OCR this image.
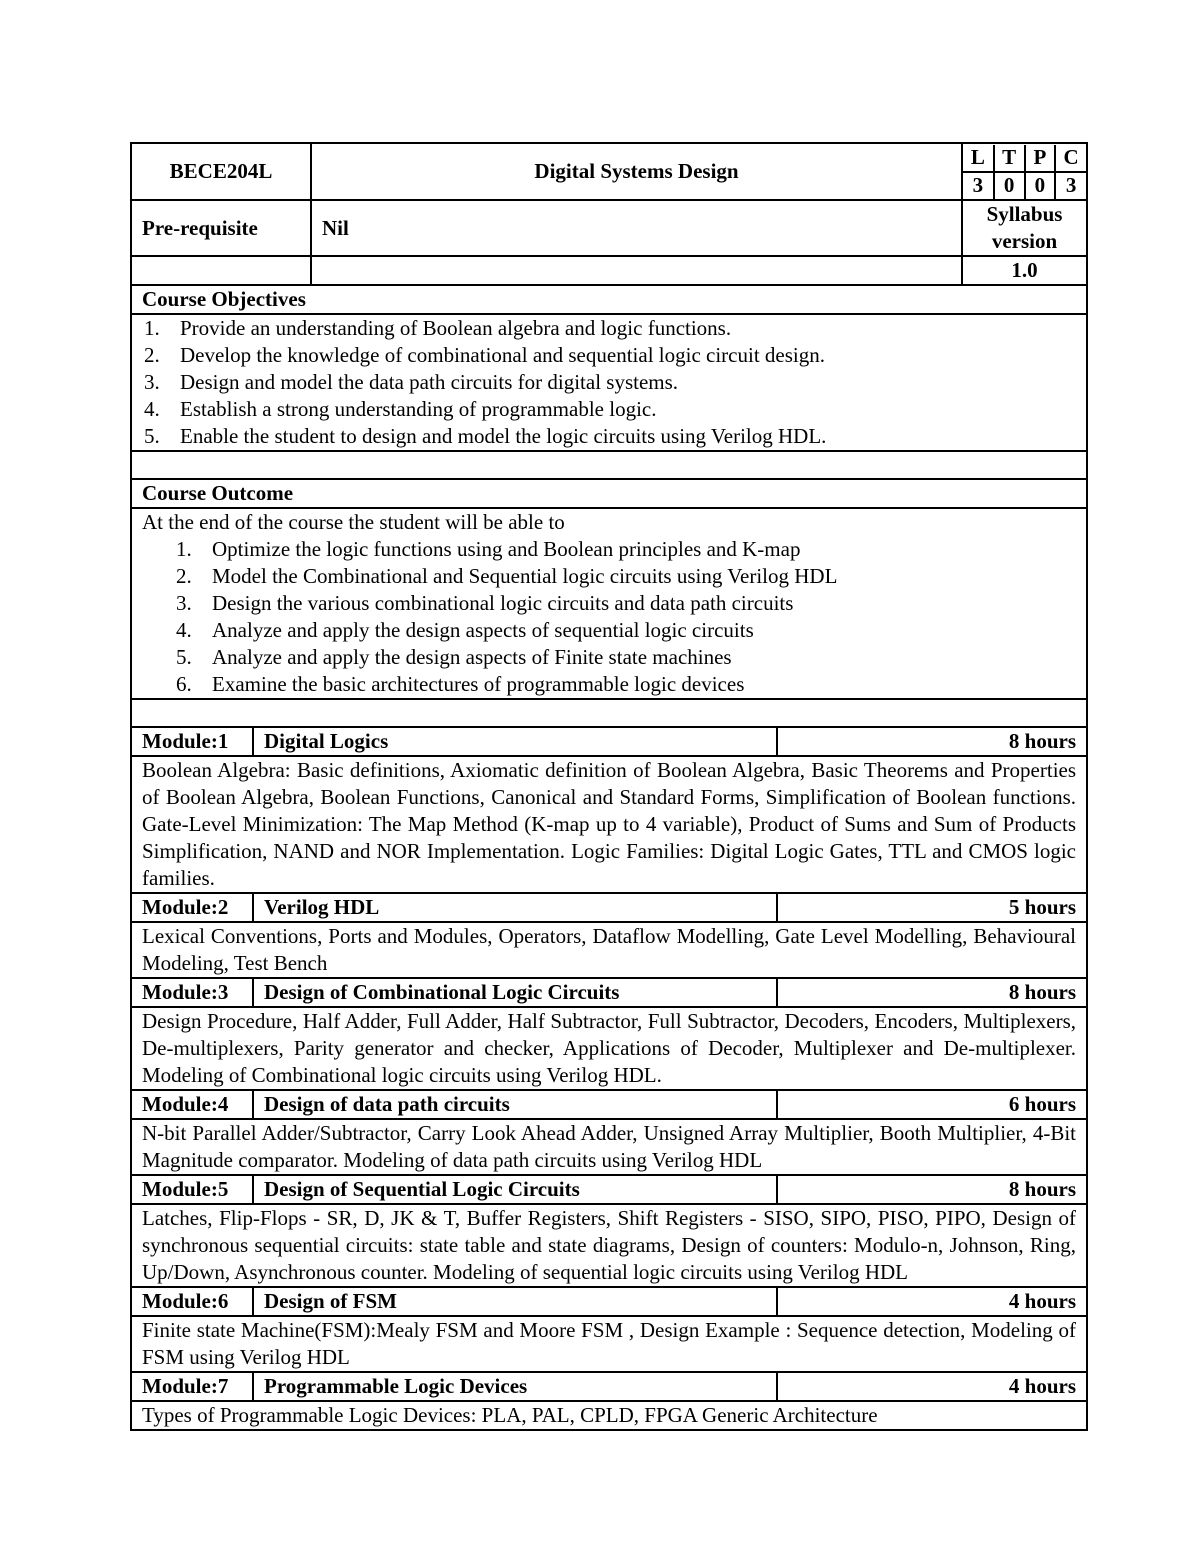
BECE204L	Digital Systems Design	
L	T	P	C
3	0	0	3

Pre-requisite	Nil	Syllabus version
		1.0
Course Objectives

1. Provide an understanding of Boolean algebra and logic functions.
2. Develop the knowledge of combinational and sequential logic circuit design.
3. Design and model the data path circuits for digital systems.
4. Establish a strong understanding of programmable logic.
5. Enable the student to design and model the logic circuits using Verilog HDL.

Course Outcome

At the end of the course the student will be able to
1. Optimize the logic functions using and Boolean principles and K-map
2. Model the Combinational and Sequential logic circuits using Verilog HDL
3. Design the various combinational logic circuits and data path circuits
4. Analyze and apply the design aspects of sequential logic circuits
5. Analyze and apply the design aspects of Finite state machines
6. Examine the basic architectures of programmable logic devices

Module:1	Digital Logics	8 hours
Boolean Algebra: Basic definitions, Axiomatic definition of Boolean Algebra, Basic Theorems and Properties of Boolean Algebra, Boolean Functions, Canonical and Standard Forms, Simplification of Boolean functions. Gate-Level Minimization: The Map Method (K-map up to 4 variable), Product of Sums and Sum of Products Simplification, NAND and NOR Implementation. Logic Families: Digital Logic Gates, TTL and CMOS logic families.
Module:2	Verilog HDL	5 hours
Lexical Conventions, Ports and Modules, Operators, Dataflow Modelling, Gate Level Modelling, Behavioural Modeling, Test Bench
Module:3	Design of Combinational Logic Circuits	8 hours
Design Procedure, Half Adder, Full Adder, Half Subtractor, Full Subtractor, Decoders, Encoders, Multiplexers, De-multiplexers, Parity generator and checker, Applications of Decoder, Multiplexer and De-multiplexer. Modeling of Combinational logic circuits using Verilog HDL.
Module:4	Design of data path circuits	6 hours
N-bit Parallel Adder/Subtractor, Carry Look Ahead Adder, Unsigned Array Multiplier, Booth Multiplier, 4-Bit Magnitude comparator. Modeling of data path circuits using Verilog HDL
Module:5	Design of Sequential Logic Circuits	8 hours
Latches, Flip-Flops - SR, D, JK & T, Buffer Registers, Shift Registers - SISO, SIPO, PISO, PIPO, Design of synchronous sequential circuits: state table and state diagrams, Design of counters: Modulo-n, Johnson, Ring, Up/Down, Asynchronous counter. Modeling of sequential logic circuits using Verilog HDL
Module:6	Design of FSM	4 hours
Finite state Machine(FSM):Mealy FSM and Moore FSM , Design Example : Sequence detection, Modeling of FSM using Verilog HDL
Module:7	Programmable Logic Devices	4 hours
Types of Programmable Logic Devices: PLA, PAL, CPLD, FPGA Generic Architecture
